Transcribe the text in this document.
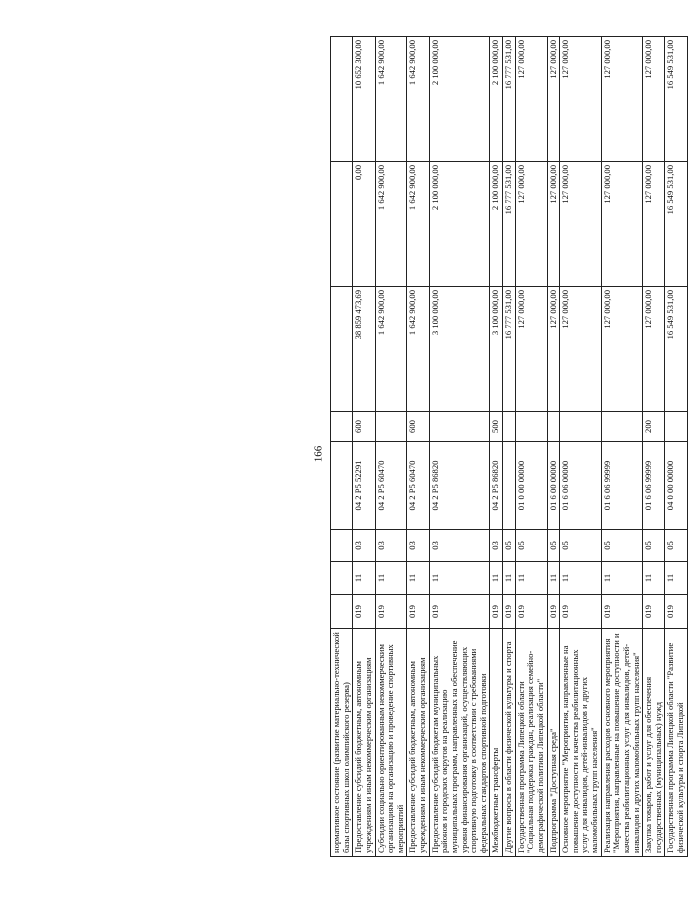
166
нормативное состояние (развитие материально-технической базы спортивных школ олимпийского резерва)								
Предоставление субсидий бюджетным, автономным учреждениям и иным некоммерческим организациям	019	11	03	04 2 P5 52291	600	38 859 473,69	0,00	10 652 300,00
Субсидии социально ориентированным некоммерческим организациям на организацию и проведение спортивных мероприятий	019	11	03	04 2 P5 60470		1 642 900,00	1 642 900,00	1 642 900,00
Предоставление субсидий бюджетным, автономным учреждениям и иным некоммерческим организациям	019	11	03	04 2 P5 60470	600	1 642 900,00	1 642 900,00	1 642 900,00
Предоставление субсидий бюджетам муниципальных районов и городских округов на реализацию муниципальных программ, направленных на обеспечение уровня финансирования организаций, осуществляющих спортивную подготовку в соответствии с требованиями федеральных стандартов спортивной подготовки	019	11	03	04 2 P5 86820		3 100 000,00	2 100 000,00	2 100 000,00
Межбюджетные трансферты	019	11	03	04 2 P5 86820	500	3 100 000,00	2 100 000,00	2 100 000,00
Другие вопросы в области физической культуры и спорта	019	11	05			16 777 531,00	16 777 531,00	16 777 531,00
Государственная программа Липецкой области "Социальная поддержка граждан, реализация семейно-демографической политики Липецкой области"	019	11	05	01 0 00 00000		127 000,00	127 000,00	127 000,00
Подпрограмма "Доступная среда"	019	11	05	01 6 00 00000		127 000,00	127 000,00	127 000,00
Основное мероприятие "Мероприятия, направленные на повышение доступности и качества реабилитационных услуг для инвалидов, детей-инвалидов и других маломобильных групп населения"	019	11	05	01 6 06 00000		127 000,00	127 000,00	127 000,00
Реализация направления расходов основного мероприятия "Мероприятия, направленные на повышение доступности и качества реабилитационных услуг для инвалидов, детей-инвалидов и других маломобильных групп населения"	019	11	05	01 6 06 99999		127 000,00	127 000,00	127 000,00
Закупка товаров, работ и услуг для обеспечения государственных (муниципальных) нужд	019	11	05	01 6 06 99999	200	127 000,00	127 000,00	127 000,00
Государственная программа Липецкой области "Развитие физической культуры и спорта Липецкой	019	11	05	04 0 00 00000		16 549 531,00	16 549 531,00	16 549 531,00
